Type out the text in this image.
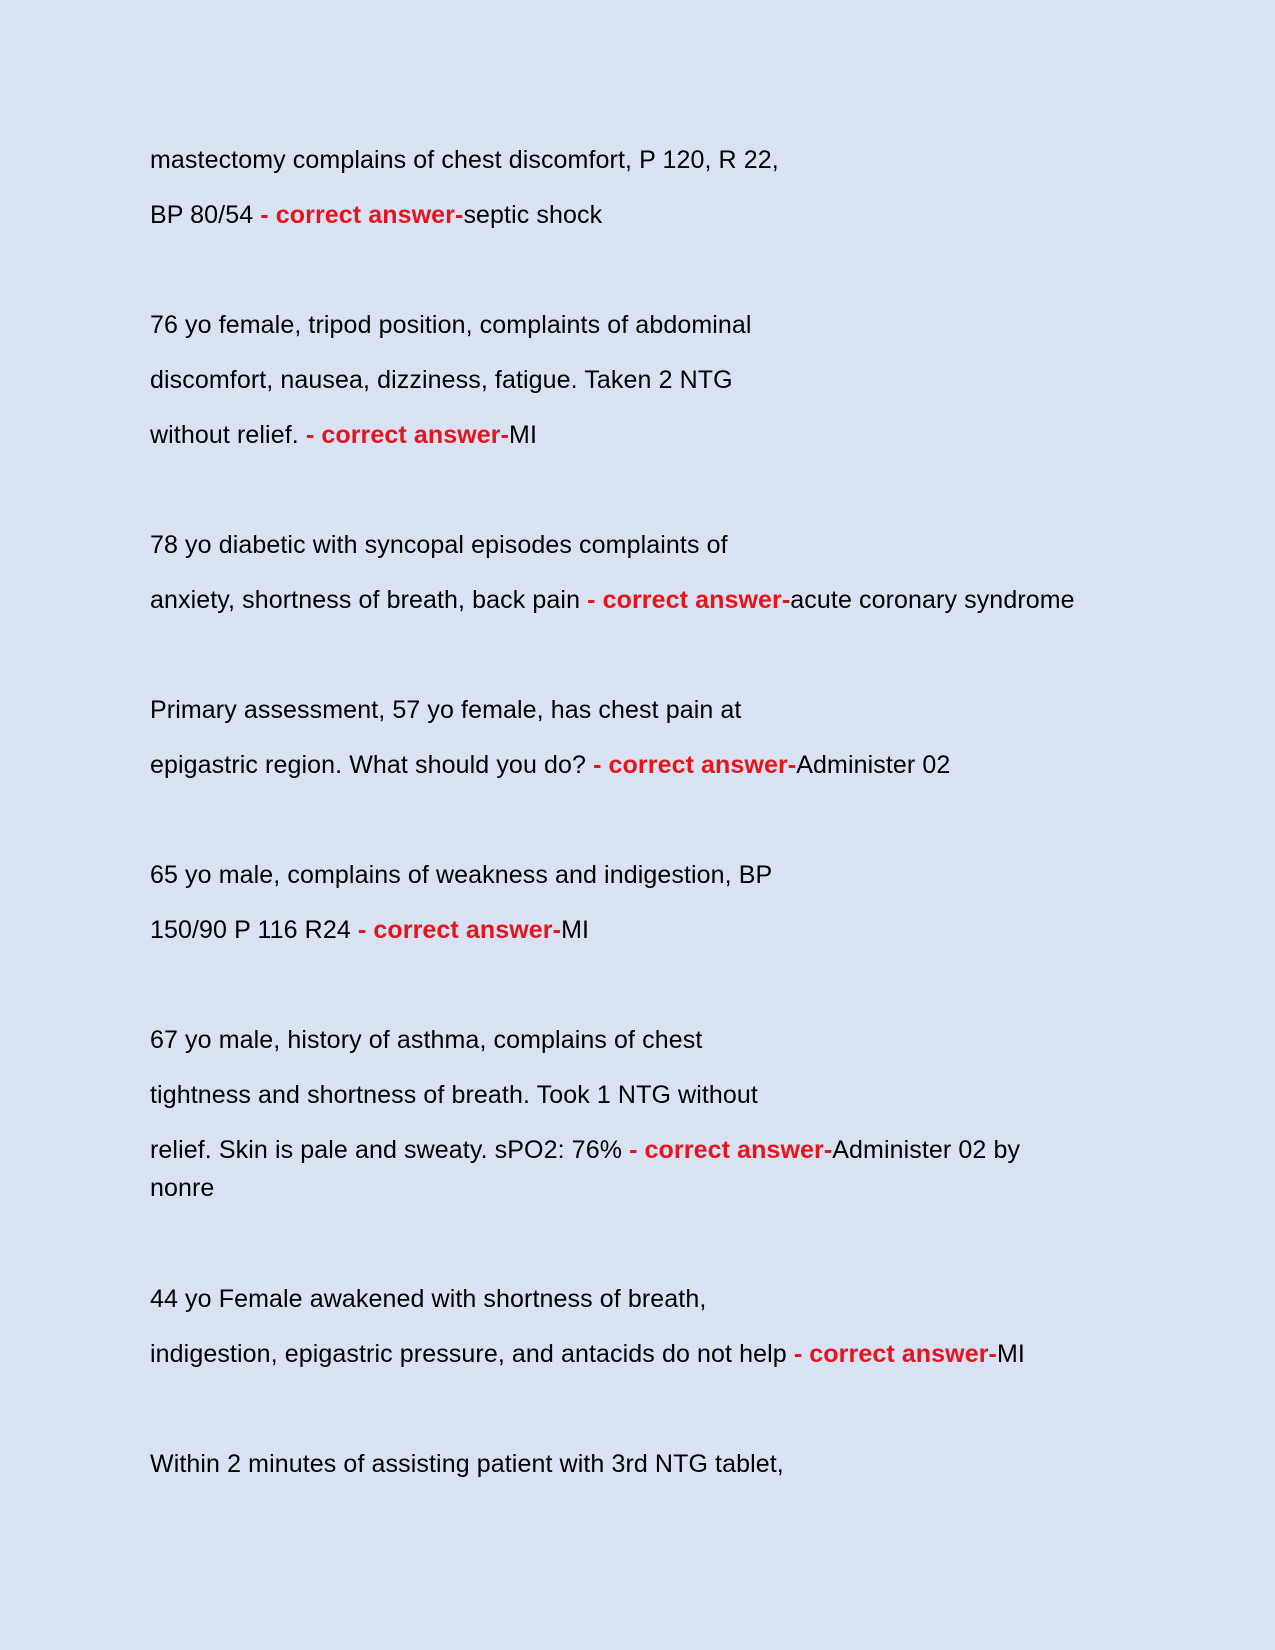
mastectomy complains of chest discomfort, P 120, R 22,
BP 80/54 - correct answer-septic shock
76 yo female, tripod position, complaints of abdominal
discomfort, nausea, dizziness, fatigue. Taken 2 NTG
without relief. - correct answer-MI
78 yo diabetic with syncopal episodes complaints of
anxiety, shortness of breath, back pain - correct answer-acute coronary syndrome
Primary assessment, 57 yo female, has chest pain at
epigastric region. What should you do? - correct answer-Administer 02
65 yo male, complains of weakness and indigestion, BP
150/90 P 116 R24 - correct answer-MI
67 yo male, history of asthma, complains of chest
tightness and shortness of breath. Took 1 NTG without
relief. Skin is pale and sweaty. sPO2: 76% - correct answer-Administer 02 by
nonre
44 yo Female awakened with shortness of breath,
indigestion, epigastric pressure, and antacids do not help - correct answer-MI
Within 2 minutes of assisting patient with 3rd NTG tablet,
